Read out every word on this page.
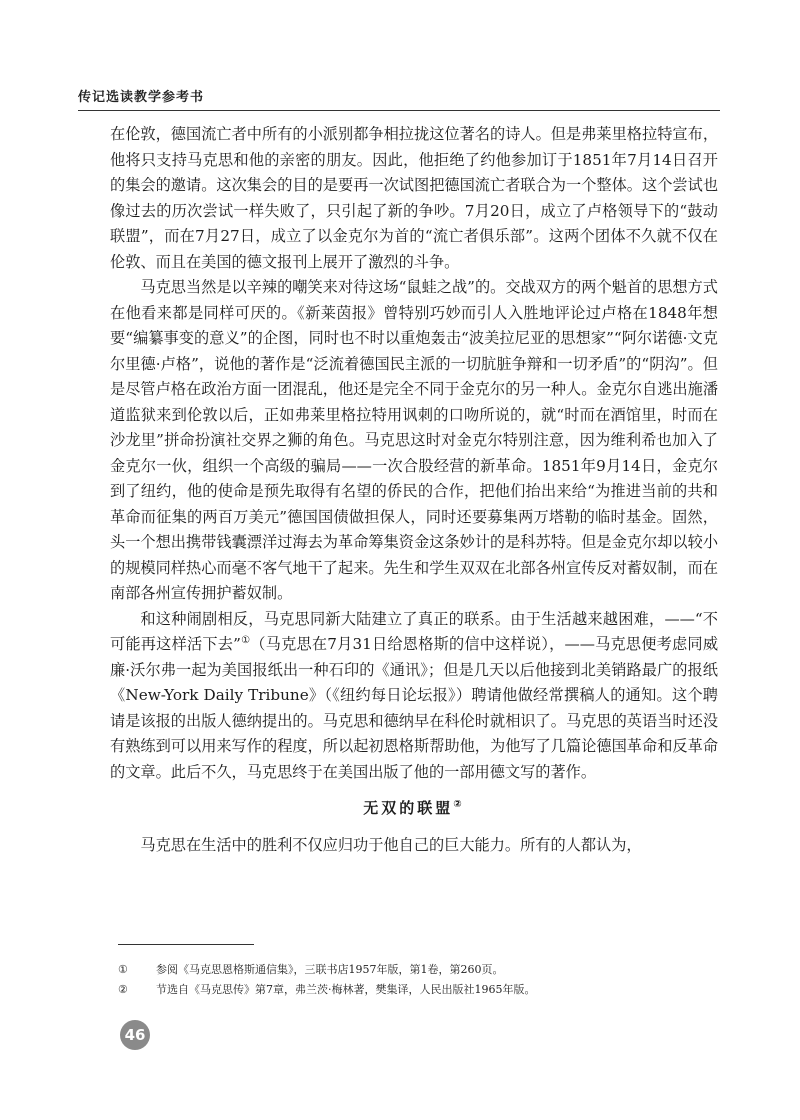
传记选读教学参考书

在伦敦，德国流亡者中所有的小派别都争相拉拢这位著名的诗人。但是弗莱里格拉特宣布，他将只支持马克思和他的亲密的朋友。因此，他拒绝了约他参加订于1851年7月14日召开的集会的邀请。这次集会的目的是要再一次试图把德国流亡者联合为一个整体。这个尝试也像过去的历次尝试一样失败了，只引起了新的争吵。7月20日，成立了卢格领导下的“鼓动联盟”，而在7月27日，成立了以金克尔为首的“流亡者俱乐部”。这两个团体不久就不仅在伦敦、而且在美国的德文报刊上展开了激烈的斗争。

马克思当然是以辛辣的嘲笑来对待这场“鼠蛙之战”的。交战双方的两个魁首的思想方式在他看来都是同样可厌的。《新莱茵报》曾特别巧妙而引人入胜地评论过卢格在1848年想要“编纂事变的意义”的企图，同时也不时以重炮轰击“波美拉尼亚的思想家”“阿尔诺德·文克尔里德·卢格”，说他的著作是“泛流着德国民主派的一切肮脏争辩和一切矛盾”的“阴沟”。但是尽管卢格在政治方面一团混乱，他还是完全不同于金克尔的另一种人。金克尔自逃出施潘道监狱来到伦敦以后，正如弗莱里格拉特用讽刺的口吻所说的，就“时而在酒馆里，时而在沙龙里”拼命扮演社交界之狮的角色。马克思这时对金克尔特别注意，因为维利希也加入了金克尔一伙，组织一个高级的骗局——一次合股经营的新革命。1851年9月14日，金克尔到了纽约，他的使命是预先取得有名望的侨民的合作，把他们抬出来给“为推进当前的共和革命而征集的两百万美元”德国国债做担保人，同时还要募集两万塔勒的临时基金。固然，头一个想出携带钱囊漂洋过海去为革命筹集资金这条妙计的是科苏特。但是金克尔却以较小的规模同样热心而毫不客气地干了起来。先生和学生双双在北部各州宣传反对蓄奴制，而在南部各州宣传拥护蓄奴制。

和这种闹剧相反，马克思同新大陆建立了真正的联系。由于生活越来越困难，——“不可能再这样活下去”①（马克思在7月31日给恩格斯的信中这样说），——马克思便考虑同威廉·沃尔弗一起为美国报纸出一种石印的《通讯》；但是几天以后他接到北美销路最广的报纸《New-York Daily Tribune》（《纽约每日论坛报》）聘请他做经常撰稿人的通知。这个聘请是该报的出版人德纳提出的。马克思和德纳早在科伦时就相识了。马克思的英语当时还没有熟练到可以用来写作的程度，所以起初恩格斯帮助他，为他写了几篇论德国革命和反革命的文章。此后不久，马克思终于在美国出版了他的一部用德文写的著作。

无双的联盟②

马克思在生活中的胜利不仅应归功于他自己的巨大能力。所有的人都认为，

①	参阅《马克思恩格斯通信集》，三联书店1957年版，第1卷，第260页。
②	节选自《马克思传》第7章，弗兰茨·梅林著，樊集译，人民出版社1965年版。
46
